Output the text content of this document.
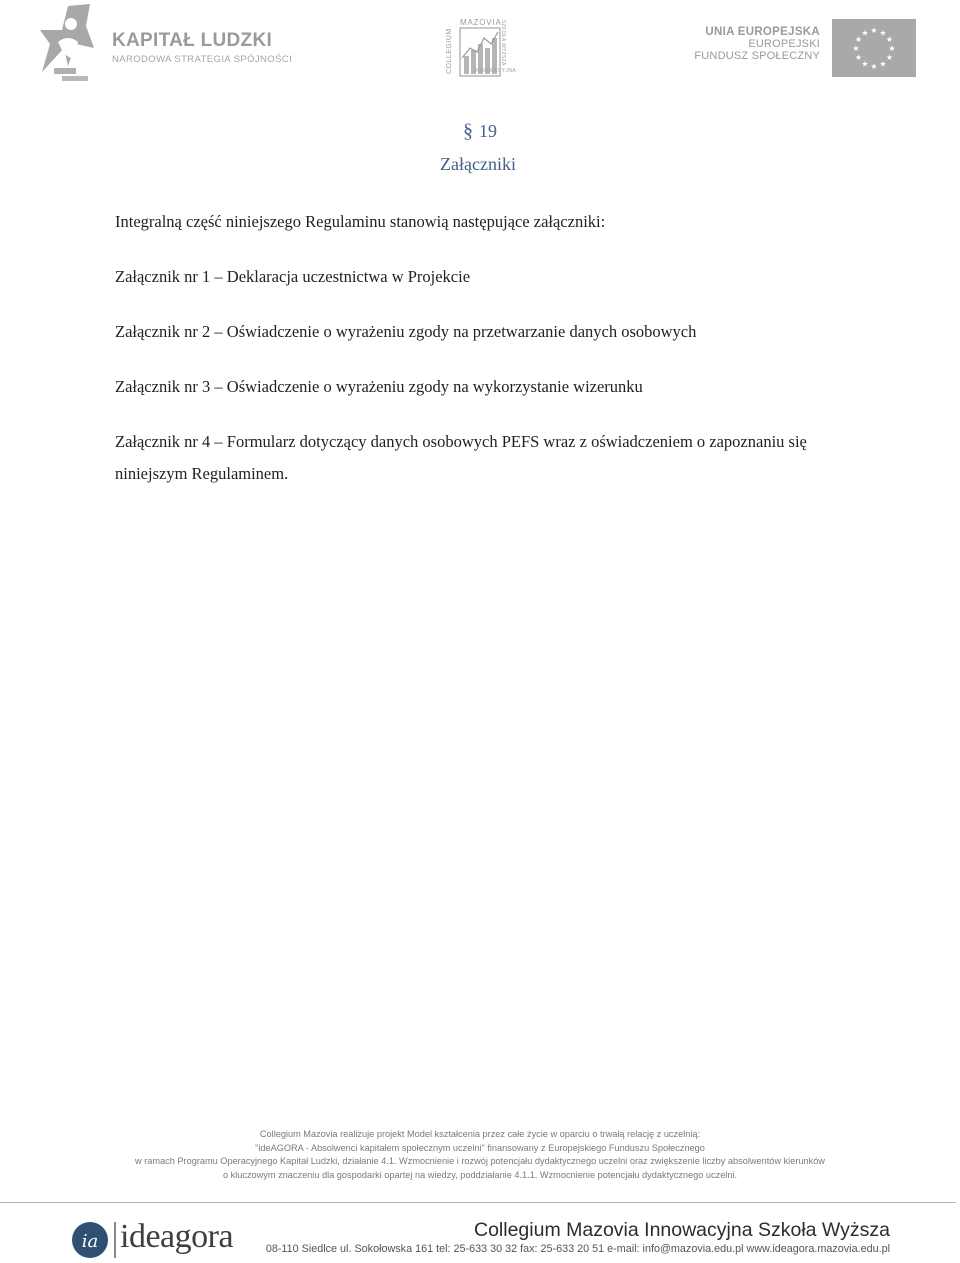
KAPITAŁ LUDZKI
NARODOWA STRATEGIA SPÓJNOŚCI	COLLEGIUM
MAZOVIA
INNOWACYJNA
SZKOŁA WYŻSZA	UNIA EUROPEJSKA
EUROPEJSKI
FUNDUSZ SPOŁECZNY
★ ★
★
★
★
★
★
★
★
★
★
★
§ 19
Załączniki
Integralną część niniejszego Regulaminu stanowią następujące załączniki:
Załącznik nr 1 – Deklaracja uczestnictwa w Projekcie
Załącznik nr 2 – Oświadczenie o wyrażeniu zgody na przetwarzanie danych osobowych
Załącznik nr 3 – Oświadczenie o wyrażeniu zgody na wykorzystanie wizerunku
Załącznik nr 4 – Formularz dotyczący danych osobowych PEFS wraz z oświadczeniem o zapoznaniu się niniejszym Regulaminem.
Collegium Mazovia realizuje projekt Model kształcenia przez całe życie w oparciu o trwałą relację z uczelnią:
"ideAGORA - Absolwenci kapitałem społecznym uczelni" finansowany z Europejskiego Funduszu Społecznego
w ramach Programu Operacyjnego Kapitał Ludzki, działanie 4.1. Wzmocnienie i rozwój potencjału dydaktycznego uczelni oraz zwiększenie liczby absolwentów kierunków
o kluczowym znaczeniu dla gospodarki opartej na wiedzy, poddziałanie 4.1.1. Wzmocnienie potencjału dydaktycznego uczelni.
ia ideagora	Collegium Mazovia Innowacyjna Szkoła Wyższa
08-110 Siedlce ul. Sokołowska 161 tel: 25-633 30 32 fax: 25-633 20 51 e-mail: info@mazovia.edu.pl www.ideagora.mazovia.edu.pl
